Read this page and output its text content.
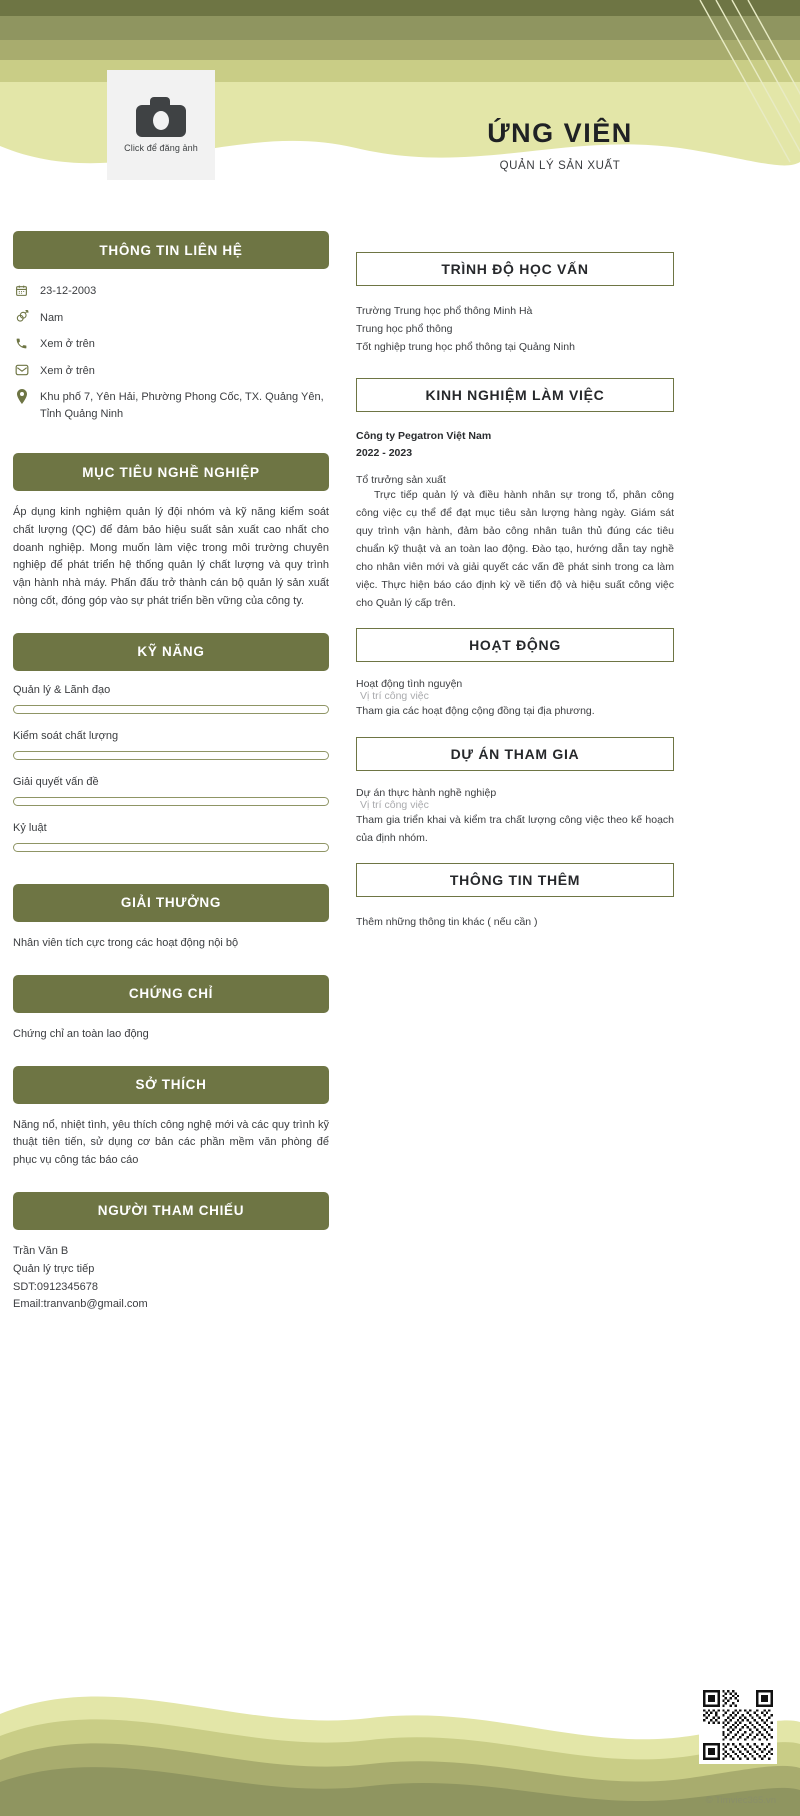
Click để đăng ảnh	ỨNG VIÊN
QUẢN LÝ SẢN XUẤT
THÔNG TIN LIÊN HỆ
23-12-2003
Nam
Xem ở trên
Xem ở trên
Khu phố 7, Yên Hải, Phường Phong Cốc, TX. Quảng Yên, Tỉnh Quảng Ninh
MỤC TIÊU NGHỀ NGHIỆP
Áp dụng kinh nghiệm quản lý đội nhóm và kỹ năng kiểm soát chất lượng (QC) để đảm bảo hiệu suất sản xuất cao nhất cho doanh nghiệp. Mong muốn làm việc trong môi trường chuyên nghiệp để phát triển hệ thống quản lý chất lượng và quy trình vận hành nhà máy. Phấn đấu trở thành cán bộ quản lý sản xuất nòng cốt, đóng góp vào sự phát triển bền vững của công ty.
KỸ NĂNG
Quản lý & Lãnh đạo
Kiểm soát chất lượng
Giải quyết vấn đề
Kỷ luật
GIẢI THƯỞNG
Nhân viên tích cực trong các hoạt động nội bộ
CHỨNG CHỈ
Chứng chỉ an toàn lao động
SỞ THÍCH
Năng nổ, nhiệt tình, yêu thích công nghệ mới và các quy trình kỹ thuật tiên tiến, sử dụng cơ bản các phần mềm văn phòng để phục vụ công tác báo cáo
NGƯỜI THAM CHIẾU
Trần Văn B
Quản lý trực tiếp
SDT:0912345678
Email:tranvanb@gmail.com
TRÌNH ĐỘ HỌC VẤN
Trường Trung học phổ thông Minh Hà
Trung học phổ thông
Tốt nghiệp trung học phổ thông tại Quảng Ninh
KINH NGHIỆM LÀM VIỆC
Công ty Pegatron Việt Nam
2022 - 2023
Tổ trưởng sản xuất
Trực tiếp quản lý và điều hành nhân sự trong tổ, phân công công việc cụ thể để đạt mục tiêu sản lượng hàng ngày. Giám sát quy trình vận hành, đảm bảo công nhân tuân thủ đúng các tiêu chuẩn kỹ thuật và an toàn lao động. Đào tạo, hướng dẫn tay nghề cho nhân viên mới và giải quyết các vấn đề phát sinh trong ca làm việc. Thực hiện báo cáo định kỳ về tiến độ và hiệu suất công việc cho Quản lý cấp trên.
HOẠT ĐỘNG
Hoạt động tình nguyện
Vị trí công việc
Tham gia các hoạt động cộng đồng tại địa phương.
DỰ ÁN THAM GIA
Dự án thực hành nghề nghiệp
Vị trí công việc
Tham gia triển khai và kiểm tra chất lượng công việc theo kế hoạch của định nhóm.
THÔNG TIN THÊM
Thêm những thông tin khác ( nếu cần )
© Timviec365.vn
